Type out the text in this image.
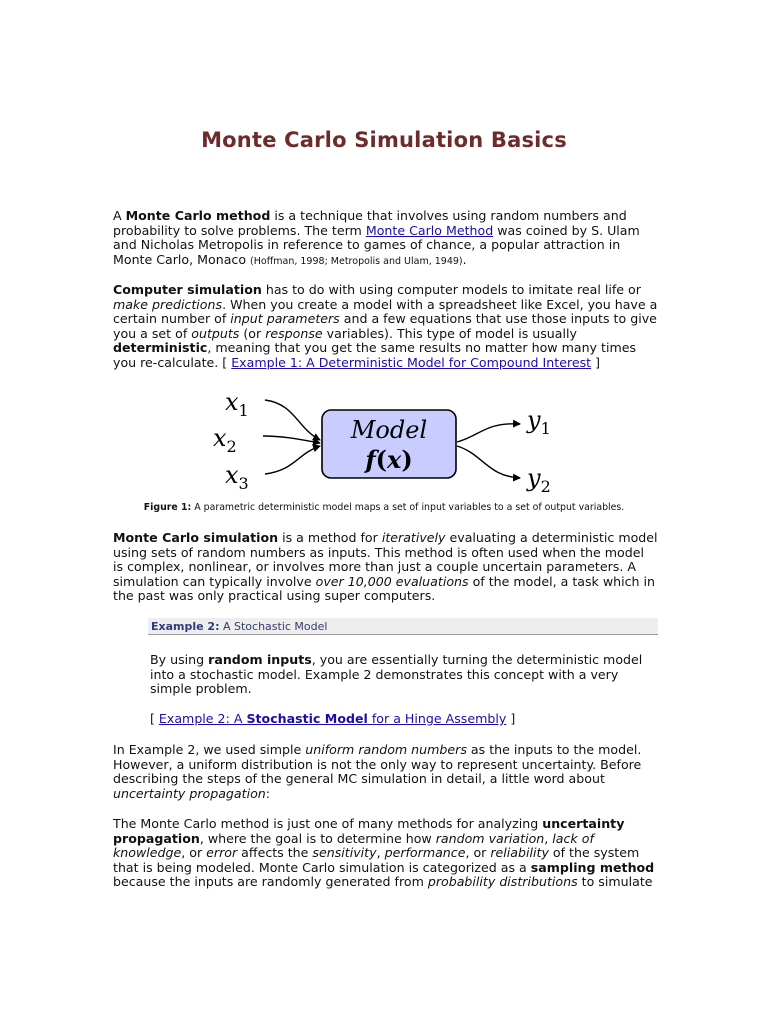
Monte Carlo Simulation Basics

A Monte Carlo method is a technique that involves using random numbers and probability to solve problems. The term Monte Carlo Method was coined by S. Ulam and Nicholas Metropolis in reference to games of chance, a popular attraction in Monte Carlo, Monaco (Hoffman, 1998; Metropolis and Ulam, 1949).

Computer simulation has to do with using computer models to imitate real life or make predictions. When you create a model with a spreadsheet like Excel, you have a certain number of input parameters and a few equations that use those inputs to give you a set of outputs (or response variables). This type of model is usually deterministic, meaning that you get the same results no matter how many times you re-calculate. [ Example 1: A Deterministic Model for Compound Interest ]

$x_1$
$x_2$
$x_3$
$y_1$
$y_2$
Model
f(x)

Figure 1: A parametric deterministic model maps a set of input variables to a set of output variables.

Monte Carlo simulation is a method for iteratively evaluating a deterministic model using sets of random numbers as inputs. This method is often used when the model is complex, nonlinear, or involves more than just a couple uncertain parameters. A simulation can typically involve over 10,000 evaluations of the model, a task which in the past was only practical using super computers.

Example 2: A Stochastic Model

By using random inputs, you are essentially turning the deterministic model into a stochastic model. Example 2 demonstrates this concept with a very simple problem.

[ Example 2: A Stochastic Model for a Hinge Assembly ]

In Example 2, we used simple uniform random numbers as the inputs to the model. However, a uniform distribution is not the only way to represent uncertainty. Before describing the steps of the general MC simulation in detail, a little word about uncertainty propagation:

The Monte Carlo method is just one of many methods for analyzing uncertainty propagation, where the goal is to determine how random variation, lack of knowledge, or error affects the sensitivity, performance, or reliability of the system that is being modeled. Monte Carlo simulation is categorized as a sampling method because the inputs are randomly generated from probability distributions to simulate
